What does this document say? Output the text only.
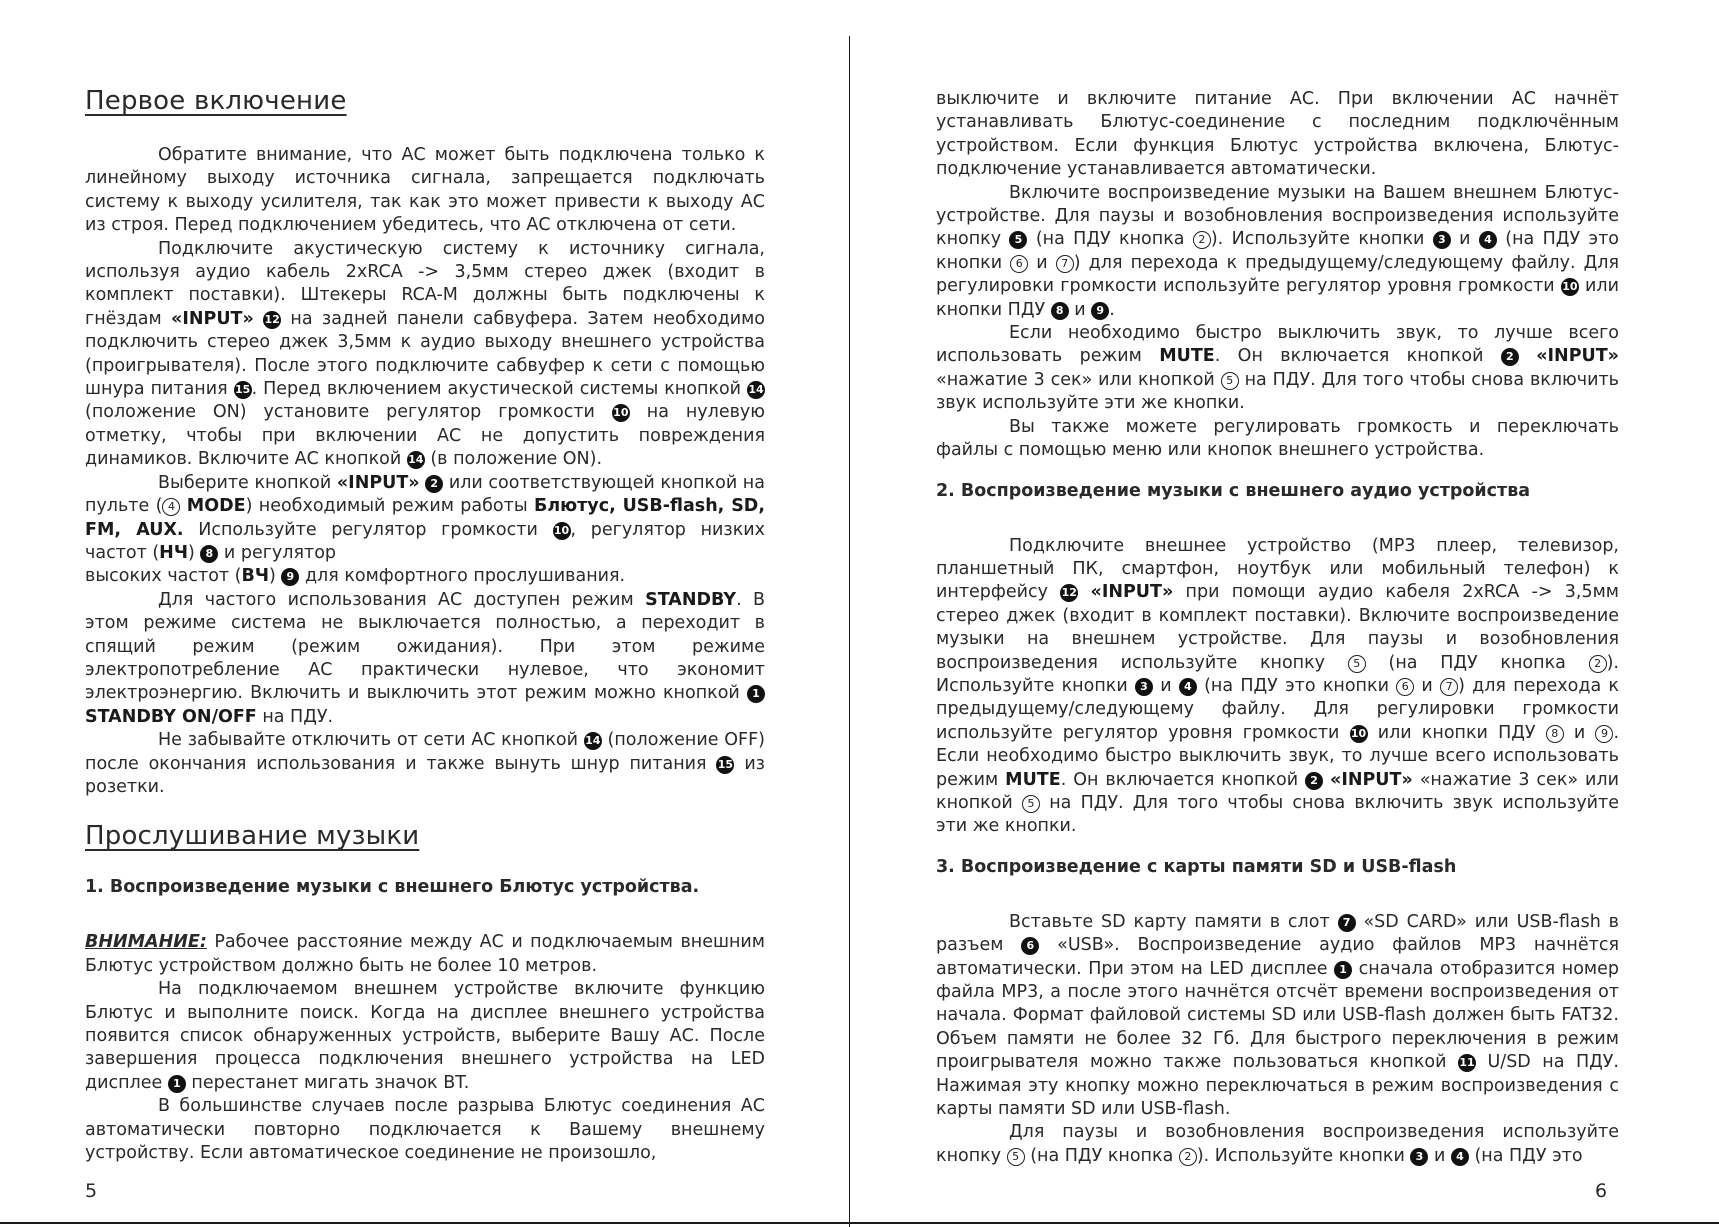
Первое включение

Обратите внимание, что АС может быть подключена только к линейному выходу источника сигнала, запрещается подключать систему к выходу усилителя, так как это может привести к выходу АС из строя. Перед подключением убедитесь, что АС отключена от сети.

Подключите акустическую систему к источнику сигнала, используя аудио кабель 2хRCA -> 3,5мм стерео джек (входит в комплект поставки). Штекеры RCA-M должны быть подключены к гнёздам «INPUT» 12 на задней панели сабвуфера. Затем необходимо подключить стерео джек 3,5мм к аудио выходу внешнего устройства (проигрывателя). После этого подключите сабвуфер к сети с помощью шнура питания 15. Перед включением акустической системы кнопкой 14 (положение ON) установите регулятор громкости 10 на нулевую отметку, чтобы при включении АС не допустить повреждения динамиков. Включите АС кнопкой 14 (в положение ON).

Выберите кнопкой «INPUT» 2 или соответствующей кнопкой на пульте ( 4 MODE) необходимый режим работы Блютус, USB-flash, SD, FM, AUX. Используйте регулятор громкости 10, регулятор низких частот (НЧ) 8 и регулятор

высоких частот (ВЧ) 9 для комфортного прослушивания.

Для частого использования АС доступен режим STANDBY. В этом режиме система не выключается полностью, а переходит в спящий режим (режим ожидания). При этом режиме электропотребление АС практически нулевое, что экономит электроэнергию. Включить и выключить этот режим можно кнопкой 1 STANDBY ON/OFF на ПДУ.

Не забывайте отключить от сети АС кнопкой 14 (положение OFF) после окончания использования и также вынуть шнур питания 15 из розетки.

Прослушивание музыки
1. Воспроизведение музыки с внешнего Блютус устройства.

ВНИМАНИЕ: Рабочее расстояние между АС и подключаемым внешним Блютус устройством должно быть не более 10 метров.

На подключаемом внешнем устройстве включите функцию Блютус и выполните поиск. Когда на дисплее внешнего устройства появится список обнаруженных устройств, выберите Вашу АС. После завершения процесса подключения внешнего устройства на LED дисплее 1 перестанет мигать значок BT.

В большинстве случаев после разрыва Блютус соединения АС автоматически повторно подключается к Вашему внешнему устройству. Если автоматическое соединение не произошло,

5

выключите и включите питание АС. При включении АС начнёт устанавливать Блютус-соединение с последним подключённым устройством. Если функция Блютус устройства включена, Блютус-подключение устанавливается автоматически.

Включите воспроизведение музыки на Вашем внешнем Блютус-устройстве. Для паузы и возобновления воспроизведения используйте кнопку 5 (на ПДУ кнопка 2 ). Используйте кнопки 3 и 4 (на ПДУ это кнопки 6 и 7 ) для перехода к предыдущему/следующему файлу. Для регулировки громкости используйте регулятор уровня громкости 10 или кнопки ПДУ 8 и 9 .

Если необходимо быстро выключить звук, то лучше всего использовать режим MUTE. Он включается кнопкой 2 «INPUT» «нажатие 3 сек» или кнопкой 5 на ПДУ. Для того чтобы снова включить звук используйте эти же кнопки.

Вы также можете регулировать громкость и переключать файлы с помощью меню или кнопок внешнего устройства.

2. Воспроизведение музыки с внешнего аудио устройства

Подключите внешнее устройство (MP3 плеер, телевизор, планшетный ПК, смартфон, ноутбук или мобильный телефон) к интерфейсу 12 «INPUT» при помощи аудио кабеля 2хRCA -> 3,5мм стерео джек (входит в комплект поставки). Включите воспроизведение музыки на внешнем устройстве. Для паузы и возобновления воспроизведения используйте кнопку 5 (на ПДУ кнопка 2 ). Используйте кнопки 3 и 4 (на ПДУ это кнопки 6 и 7 ) для перехода к предыдущему/следующему файлу. Для регулировки громкости используйте регулятор уровня громкости 10 или кнопки ПДУ 8 и 9 . Если необходимо быстро выключить звук, то лучше всего использовать режим MUTE. Он включается кнопкой 2 «INPUT» «нажатие 3 сек» или кнопкой 5 на ПДУ. Для того чтобы снова включить звук используйте эти же кнопки.

3. Воспроизведение с карты памяти SD и USB-flash

Вставьте SD карту памяти в слот 7 «SD CARD» или USB-flash в разъем 6 «USB». Воспроизведение аудио файлов MP3 начнётся автоматически. При этом на LED дисплее 1 сначала отобразится номер файла MP3, а после этого начнётся отсчёт времени воспроизведения от начала. Формат файловой системы SD или USB-flash должен быть FAT32. Объем памяти не более 32 Гб. Для быстрого переключения в режим проигрывателя можно также пользоваться кнопкой 11 U/SD на ПДУ. Нажимая эту кнопку можно переключаться в режим воспроизведения с карты памяти SD или USB-flash.

Для паузы и возобновления воспроизведения используйте кнопку 5 (на ПДУ кнопка 2 ). Используйте кнопки 3 и 4 (на ПДУ это

6
